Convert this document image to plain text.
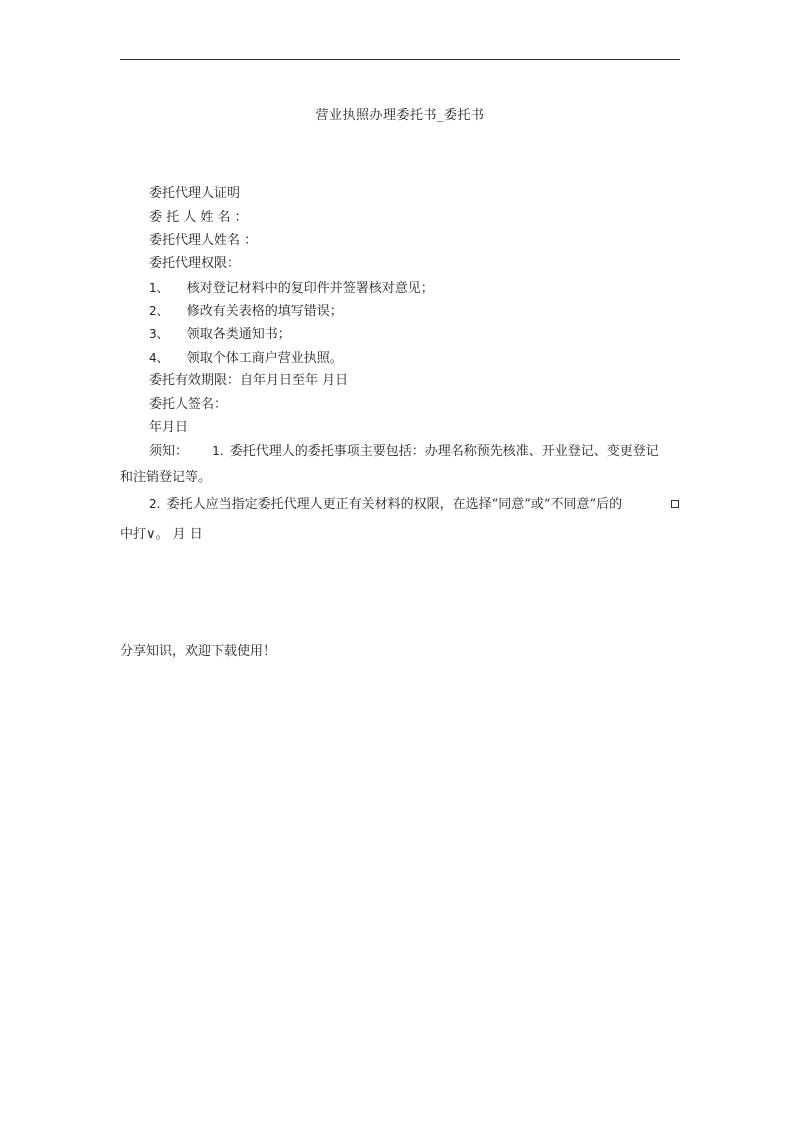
营业执照办理委托书_委托书
委托代理人证明
委 托 人 姓 名 ：
委托代理人姓名 ：
委托代理权限：
1、 核对登记材料中的复印件并签署核对意见；
2、 修改有关表格的填写错误；
3、 领取各类通知书；
4、 领取个体工商户营业执照。
委托有效期限：自年月日至年 月日
委托人签名：
年月日
须知： 1. 委托代理人的委托事项主要包括：办理名称预先核准、开业登记、变更登记
和注销登记等。
2. 委托人应当指定委托代理人更正有关材料的权限，在选择“同意”或“不同意”后的
中打∨。 月 日
分享知识，欢迎下载使用！
